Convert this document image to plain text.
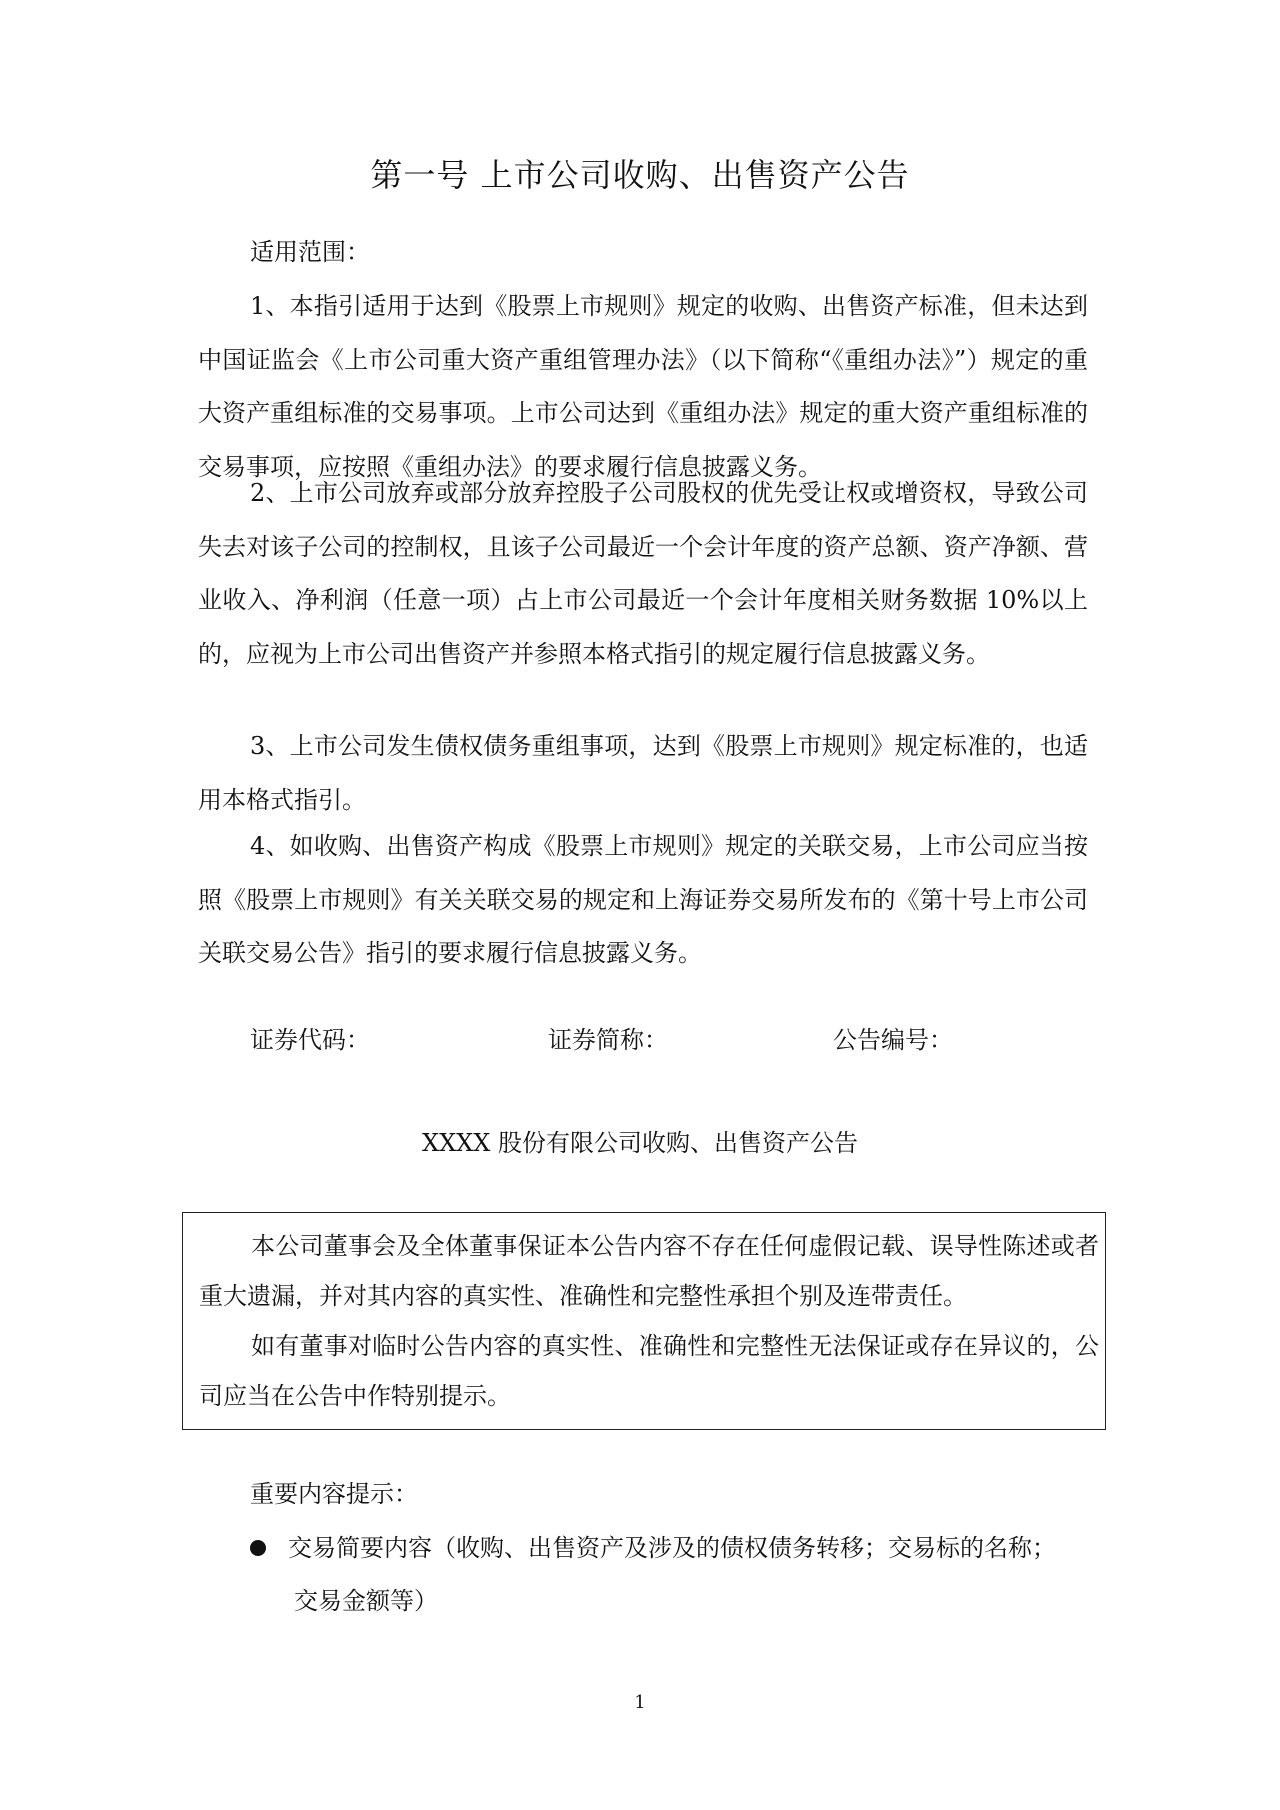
第一号 上市公司收购、出售资产公告
适用范围：
1、本指引适用于达到《股票上市规则》规定的收购、出售资产标准，但未达到中国证监会《上市公司重大资产重组管理办法》（以下简称“《重组办法》”）规定的重大资产重组标准的交易事项。上市公司达到《重组办法》规定的重大资产重组标准的交易事项，应按照《重组办法》的要求履行信息披露义务。
2、上市公司放弃或部分放弃控股子公司股权的优先受让权或增资权，导致公司失去对该子公司的控制权，且该子公司最近一个会计年度的资产总额、资产净额、营业收入、净利润（任意一项）占上市公司最近一个会计年度相关财务数据 10%以上的，应视为上市公司出售资产并参照本格式指引的规定履行信息披露义务。
3、上市公司发生债权债务重组事项，达到《股票上市规则》规定标准的，也适用本格式指引。
4、如收购、出售资产构成《股票上市规则》规定的关联交易，上市公司应当按照《股票上市规则》有关关联交易的规定和上海证券交易所发布的《第十号上市公司关联交易公告》指引的要求履行信息披露义务。
证券代码：	证券简称：	公告编号：
XXXX 股份有限公司收购、出售资产公告
本公司董事会及全体董事保证本公告内容不存在任何虚假记载、误导性陈述或者重大遗漏，并对其内容的真实性、准确性和完整性承担个别及连带责任。
如有董事对临时公告内容的真实性、准确性和完整性无法保证或存在异议的，公司应当在公告中作特别提示。
重要内容提示：
交易简要内容（收购、出售资产及涉及的债权债务转移；交易标的名称；
交易金额等）
1
